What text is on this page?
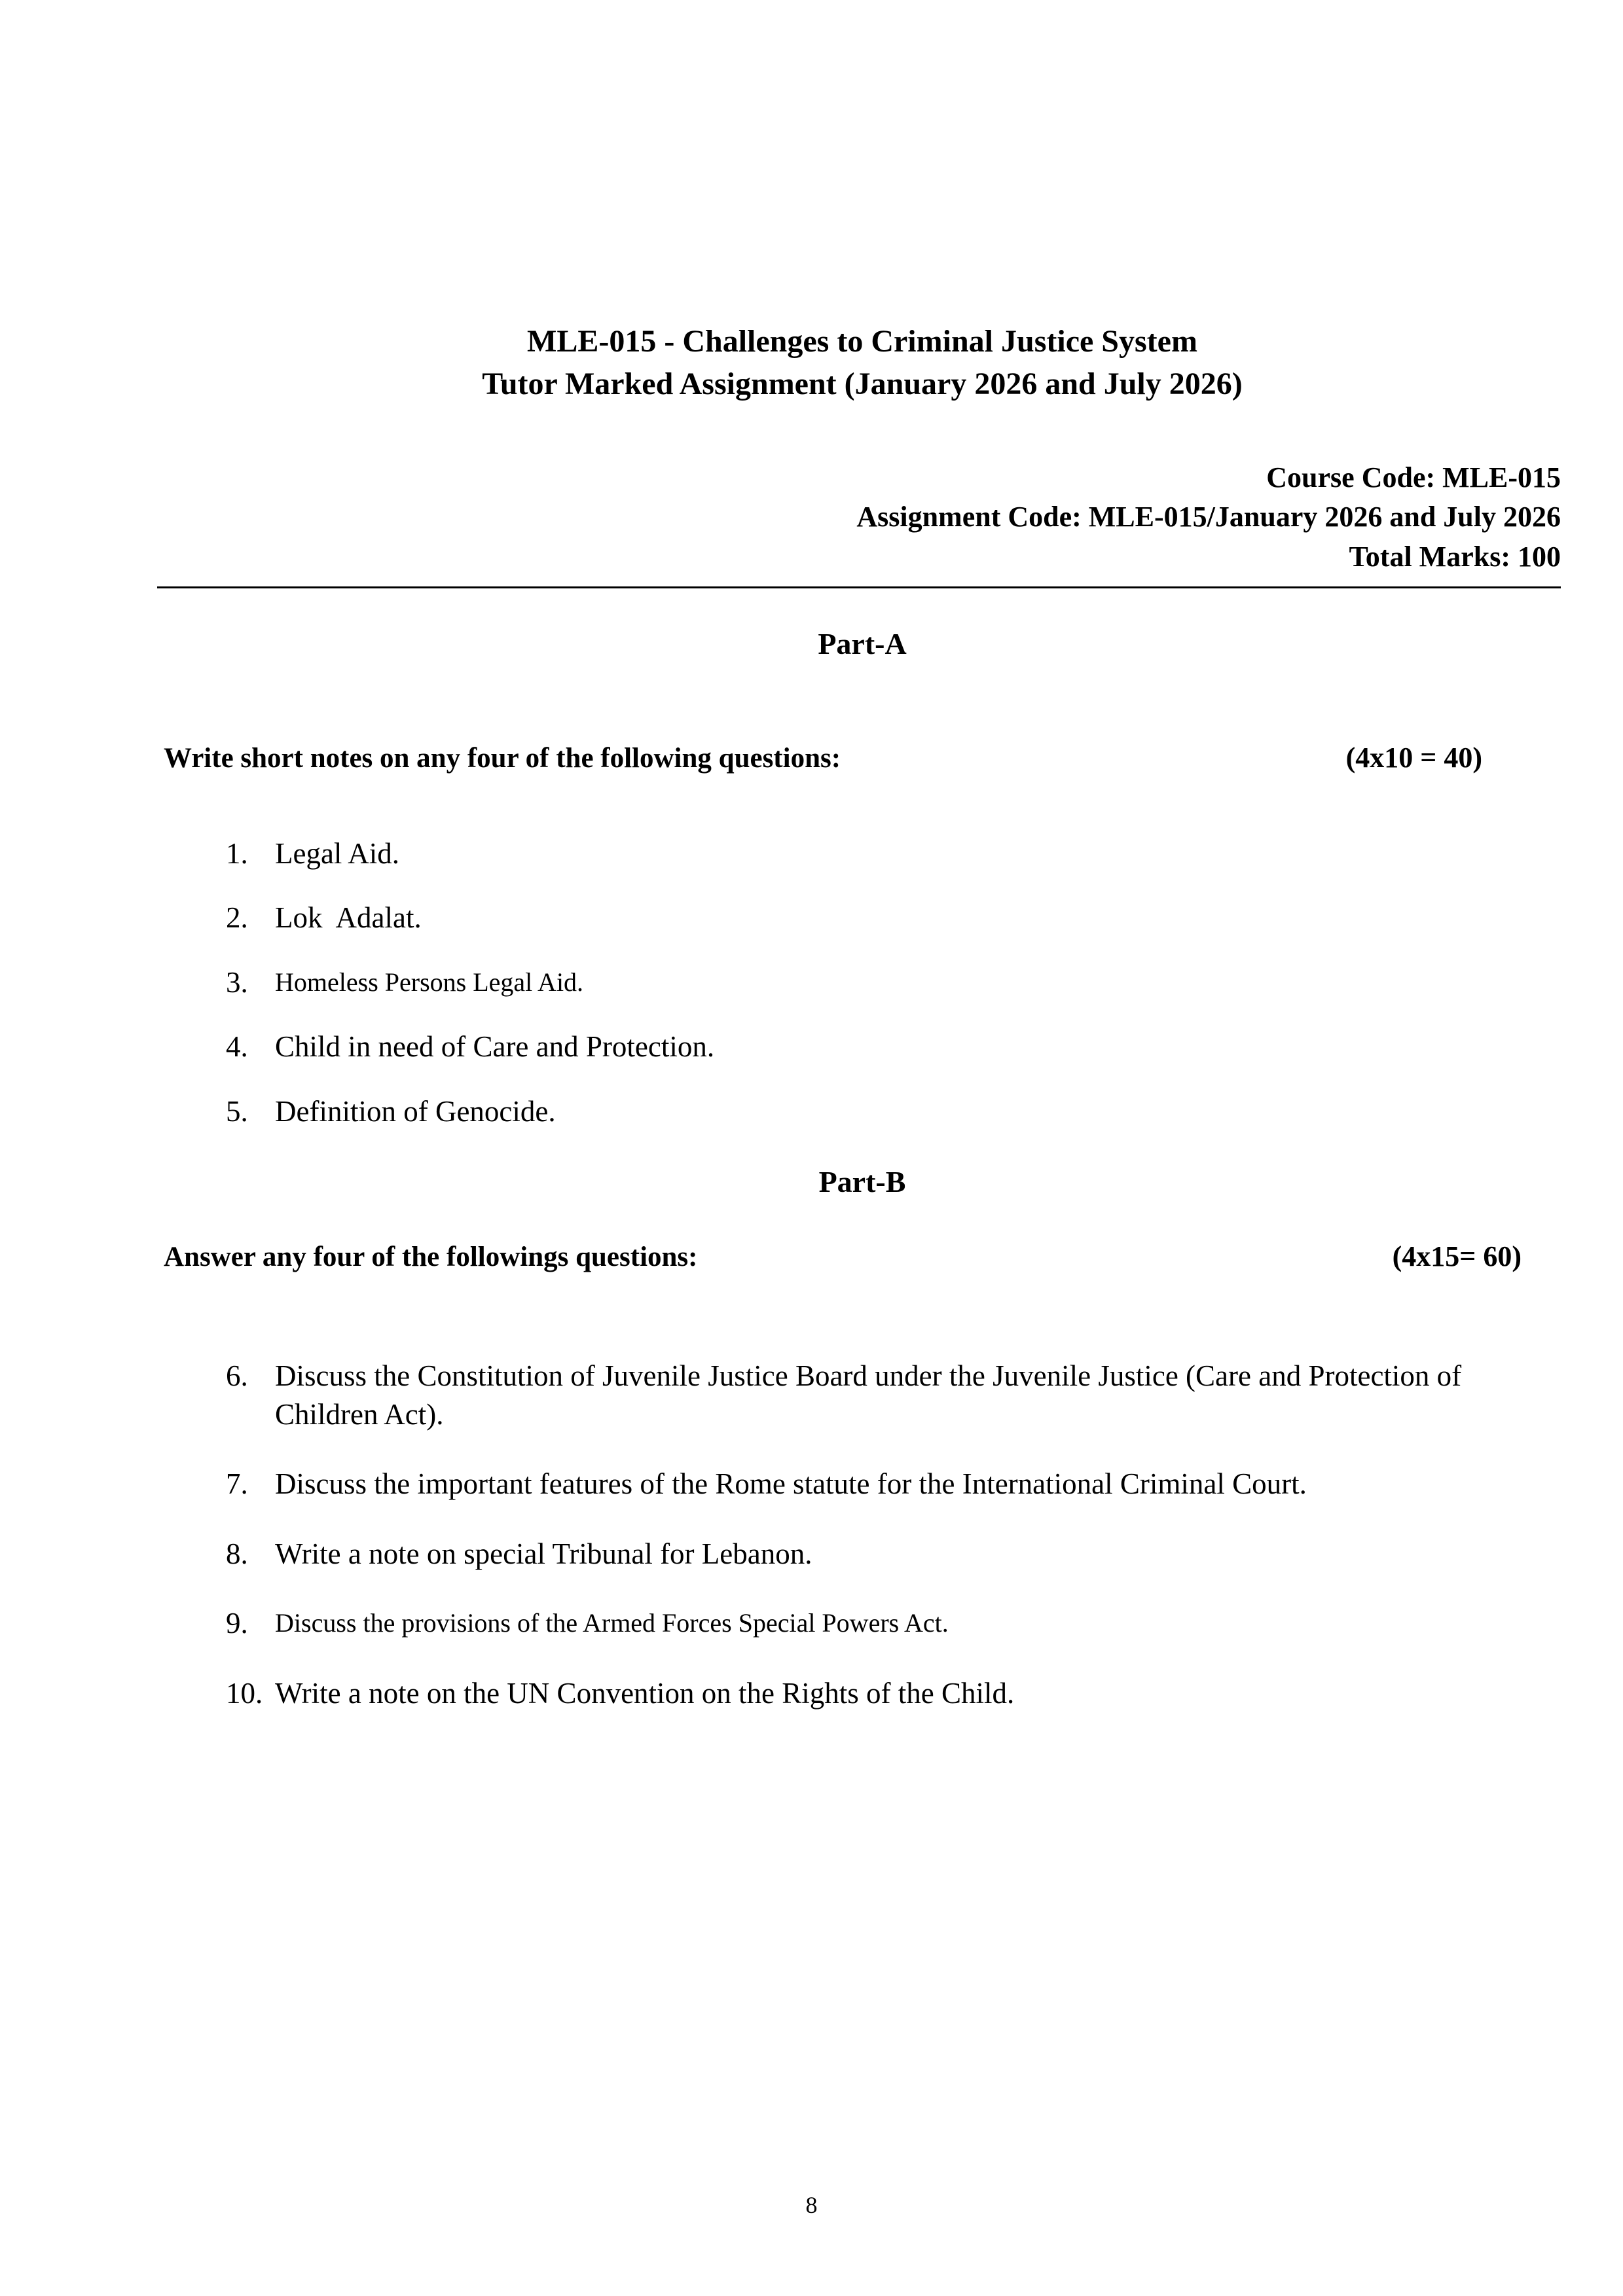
MLE-015 - Challenges to Criminal Justice System
Tutor Marked Assignment (January 2026 and July 2026)
Course Code: MLE-015
Assignment Code: MLE-015/January 2026 and July 2026
Total Marks: 100
Part-A
Write short notes on any four of the following questions:	(4x10 = 40)
1. Legal Aid.
2. Lok  Adalat.
3.	Homeless Persons Legal Aid.
4. Child in need of Care and Protection.
5. Definition of Genocide.
Part-B
Answer any four of the followings questions:	(4x15= 60)
6. Discuss the Constitution of Juvenile Justice Board under the Juvenile Justice (Care and Protection of Children Act).
7. Discuss the important features of the Rome statute for the International Criminal Court.
8. Write a note on special Tribunal for Lebanon.
9.	Discuss the provisions of the Armed Forces Special Powers Act.
10. Write a note on the UN Convention on the Rights of the Child.
8
